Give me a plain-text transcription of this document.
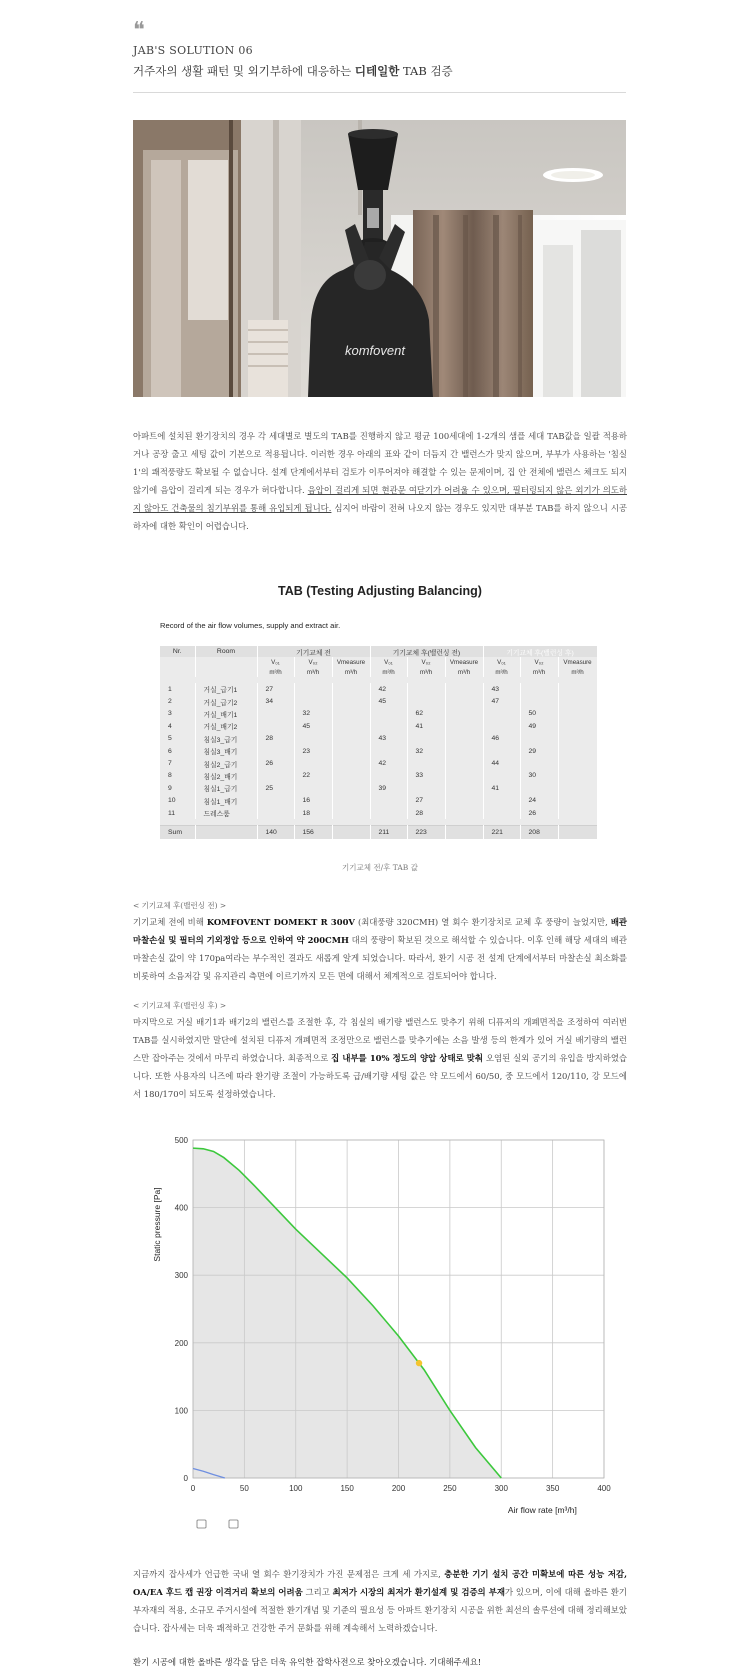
❝
JAB'S SOLUTION 06
거주자의 생활 패턴 및 외기부하에 대응하는 디테일한 TAB 검증
komfovent
아파트에 설치된 환기장치의 경우 각 세대별로 별도의 TAB를 진행하지 않고 평균 100세대에 1-2개의 샘플 세대 TAB값을 일괄 적용하거나 공장 출고 세팅 값이 기본으로 적용됩니다. 이러한 경우 아래의 표와 같이 더듬지 간 밸런스가 맞지 않으며, 부부가 사용하는 '침실1'의 쾌적풍량도 확보될 수 없습니다. 설계 단계에서부터 검토가 이루어져야 해결할 수 있는 문제이며, 집 안 전체에 밸런스 체크도 되지 않기에 음압이 걸리게 되는 경우가 허다합니다. 음압이 걸리게 되면 현관문 여닫기가 어려울 수 있으며, 필터링되지 않은 외기가 의도하지 않아도 건축물의 침기부위를 통해 유입되게 됩니다. 심지어 바람이 전혀 나오지 않는 경우도 있지만 대부분 TAB를 하지 않으니 시공하자에 대한 확인이 어렵습니다.
TAB (Testing Adjusting Balancing)
Record of the air flow volumes, supply and extract air.
Nr.	Room	기기교체 전			기기교체 후(밸런싱 전)			기기교체 후(밸런싱 후)		
		V₀₁	V₀₂	Vmeasure	V₀₁	V₀₂	Vmeasure	V₀₁	V₀₂	Vmeasure
		m³/h	m³/h	m³/h	m³/h	m³/h	m³/h	m³/h	m³/h	m³/h

1	거실_급기1	27			42			43		
2	거실_급기2	34			45			47		
3	거실_배기1		32			62			50	
4	거실_배기2		45			41			49	
5	침실3_급기	28			43			46		
6	침실3_배기		23			32			29	
7	침실2_급기	26			42			44		
8	침실2_배기		22			33			30	
9	침실1_급기	25			39			41		
10	침실1_배기		16			27			24	
11	드레스룸		18			28			26	

Sum		140	156		211	223		221	208	
기기교체 전/후 TAB 값
< 기기교체 후(밸런싱 전) >
기기교체 전에 비해 KOMFOVENT DOMEKT R 300V (최대풍량 320CMH) 열 회수 환기장치로 교체 후 풍량이 늘었지만, 배관 마찰손실 및 필터의 기외정압 등으로 인하여 약 200CMH 대의 풍량이 확보된 것으로 해석할 수 있습니다. 이후 인해 해당 세대의 배관 마찰손실 값이 약 170pa여라는 부수적인 결과도 새롭게 알게 되었습니다. 따라서, 환기 시공 전 설계 단계에서부터 마찰손실 최소화를 비롯하여 소음저감 및 유지관리 측면에 이르기까지 모든 면에 대해서 체계적으로 검토되어야 합니다.
< 기기교체 후(밸런싱 후) >
마지막으로 거실 배기1과 배기2의 밸런스를 조절한 후, 각 침실의 배기량 밸런스도 맞추기 위해 디퓨저의 개폐면적을 조정하여 여러번 TAB를 실시하였지만 말단에 설치된 디퓨저 개폐면적 조정만으로 밸런스를 맞추기에는 소음 발생 등의 한계가 있어 거실 배기량의 밸런스만 잡아주는 것에서 마무리 하였습니다. 최종적으로 집 내부를 10% 정도의 양압 상태로 맞춰 오염된 실외 공기의 유입을 방지하였습니다. 또한 사용자의 니즈에 따라 환기량 조절이 가능하도록 급/배기량 세팅 값은 약 모드에서 60/50, 중 모드에서 120/110, 강 모드에서 180/170이 되도록 설정하였습니다.
0	50	100	150	200	250	300	350	400
0
100
200
300
400
500
Air flow rate [m³/h]
Static pressure [Pa]
지금까지 잡사세가 언급한 국내 열 회수 환기장치가 가진 문제점은 크게 세 가지로, 충분한 기기 설치 공간 미확보에 따른 성능 저감, OA/EA 후드 캡 권장 이격거리 확보의 어려움 그리고 최저가 시장의 최저가 환기설계 및 검증의 부재가 있으며, 이에 대해 올바른 환기부자재의 적용, 소규모 주거시설에 적절한 환기개념 및 기준의 필요성 등 아파트 환기장치 시공을 위한 최선의 솔루션에 대해 정리해보았습니다. 잡사세는 더욱 쾌적하고 건강한 주거 문화를 위해 계속해서 노력하겠습니다.
환기 시공에 대한 올바른 생각을 담은 더욱 유익한 잡학사전으로 찾아오겠습니다. 기대해주세요!
